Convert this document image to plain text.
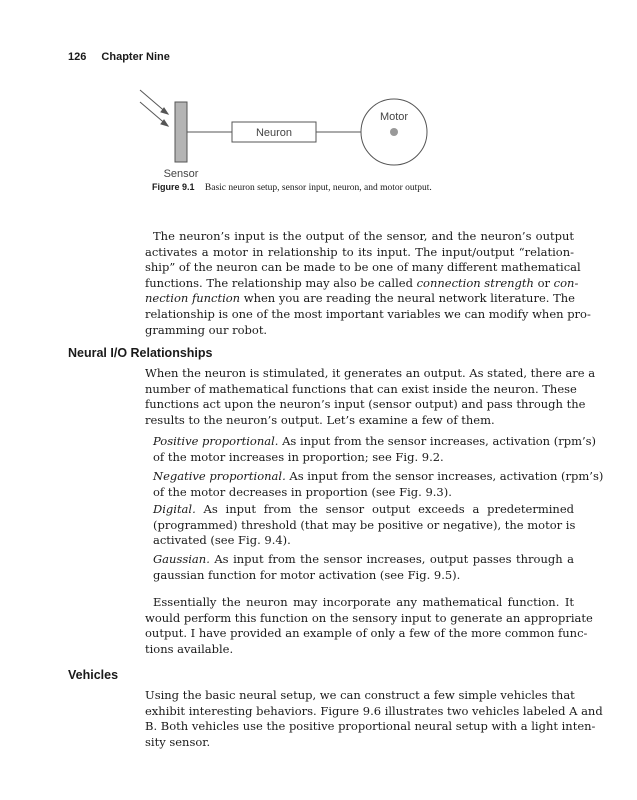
126 Chapter Nine
Neuron
Motor
Sensor
Figure 9.1 Basic neuron setup, sensor input, neuron, and motor output.
The neuron’s input is the output of the sensor, and the neuron’s output
activates a motor in relationship to its input. The input/output “relation-
ship” of the neuron can be made to be one of many different mathematical
functions. The relationship may also be called connection strength or con-
nection function when you are reading the neural network literature. The
relationship is one of the most important variables we can modify when pro-
gramming our robot.
Neural I/O Relationships
When the neuron is stimulated, it generates an output. As stated, there are a
number of mathematical functions that can exist inside the neuron. These
functions act upon the neuron’s input (sensor output) and pass through the
results to the neuron’s output. Let’s examine a few of them.
Positive proportional. As input from the sensor increases, activation (rpm’s)
of the motor increases in proportion; see Fig. 9.2.
Negative proportional. As input from the sensor increases, activation (rpm’s)
of the motor decreases in proportion (see Fig. 9.3).
Digital. As input from the sensor output exceeds a predetermined
(programmed) threshold (that may be positive or negative), the motor is
activated (see Fig. 9.4).
Gaussian. As input from the sensor increases, output passes through a
gaussian function for motor activation (see Fig. 9.5).
Essentially the neuron may incorporate any mathematical function. It
would perform this function on the sensory input to generate an appropriate
output. I have provided an example of only a few of the more common func-
tions available.
Vehicles
Using the basic neural setup, we can construct a few simple vehicles that
exhibit interesting behaviors. Figure 9.6 illustrates two vehicles labeled A and
B. Both vehicles use the positive proportional neural setup with a light inten-
sity sensor.
